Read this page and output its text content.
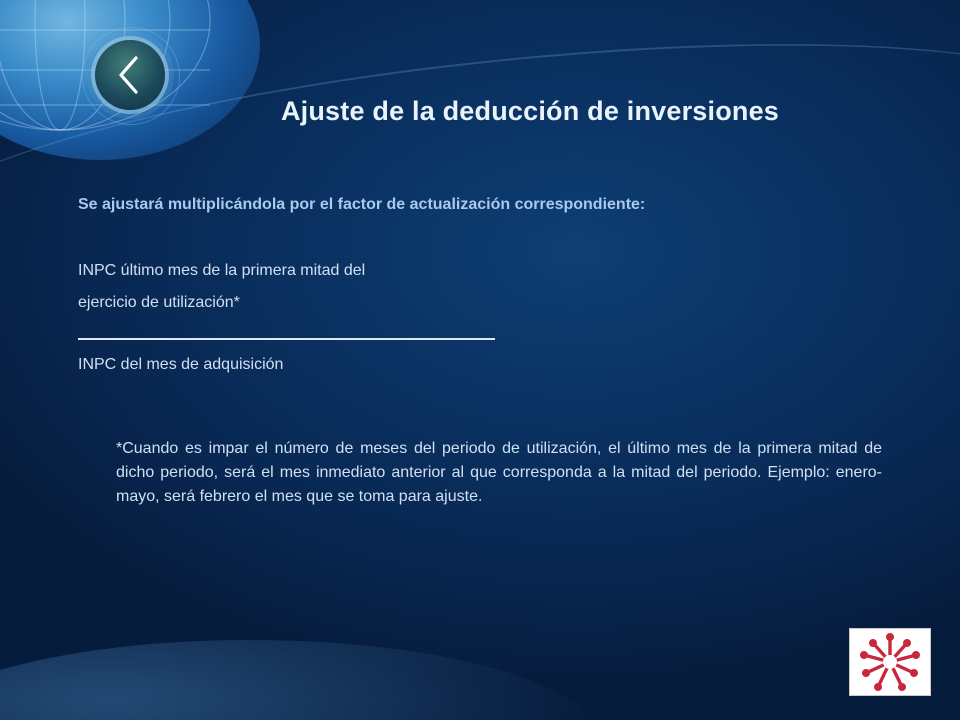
Ajuste de la deducción de inversiones
Se ajustará multiplicándola por el factor de actualización correspondiente:
INPC último mes de la primera mitad del
ejercicio de utilización*
INPC del mes de adquisición
*Cuando es impar el número de meses del periodo de utilización, el último mes de la primera mitad de dicho periodo, será el mes inmediato anterior al que corresponda a la mitad del periodo. Ejemplo: enero- mayo, será febrero el mes que se toma para ajuste.
